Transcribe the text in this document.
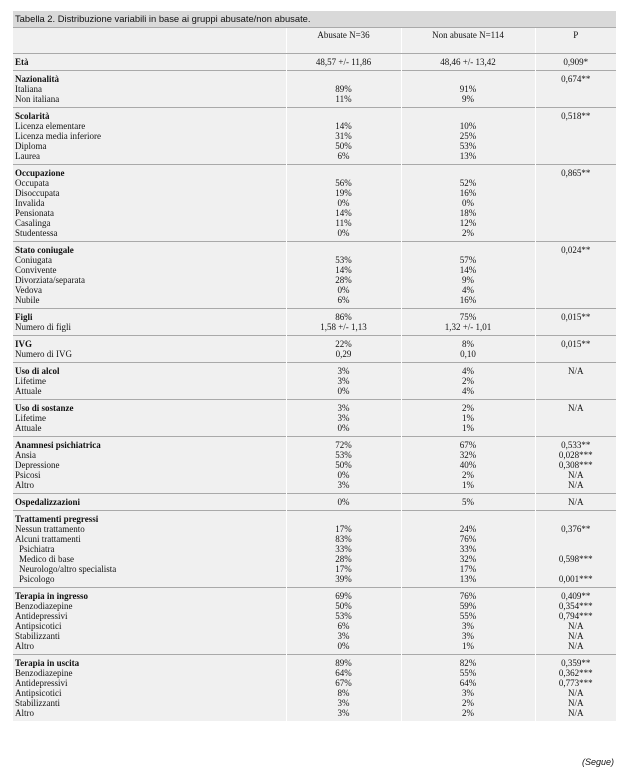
Tabella 2. Distribuzione variabili in base ai gruppi abusate/non abusate.
	Abusate N=36	Non abusate N=114	P
Età	48,57 +/- 11,86	48,46 +/- 13,42	0,909*
Nazionalità			0,674**
Italiana	89%	91%	
Non italiana	11%	9%	
Scolarità			0,518**
Licenza elementare	14%	10%	
Licenza media inferiore	31%	25%	
Diploma	50%	53%	
Laurea	6%	13%	
Occupazione			0,865**
Occupata	56%	52%	
Disoccupata	19%	16%	
Invalida	0%	0%	
Pensionata	14%	18%	
Casalinga	11%	12%	
Studentessa	0%	2%	
Stato coniugale			0,024**
Coniugata	53%	57%	
Convivente	14%	14%	
Divorziata/separata	28%	9%	
Vedova	0%	4%	
Nubile	6%	16%	
Figli	86%	75%	0,015**
Numero di figli	1,58 +/- 1,13	1,32 +/- 1,01	
IVG	22%	8%	0,015**
Numero di IVG	0,29	0,10	
Uso di alcol	3%	4%	N/A
Lifetime	3%	2%	
Attuale	0%	4%	
Uso di sostanze	3%	2%	N/A
Lifetime	3%	1%	
Attuale	0%	1%	
Anamnesi psichiatrica	72%	67%	0,533**
Ansia	53%	32%	0,028***
Depressione	50%	40%	0,308***
Psicosi	0%	2%	N/A
Altro	3%	1%	N/A
Ospedalizzazioni	0%	5%	N/A
Trattamenti pregressi			
Nessun trattamento	17%	24%	0,376**
Alcuni trattamenti	83%	76%	
Psichiatra	33%	33%	
Medico di base	28%	32%	0,598***
Neurologo/altro specialista	17%	17%	
Psicologo	39%	13%	0,001***
Terapia in ingresso	69%	76%	0,409**
Benzodiazepine	50%	59%	0,354***
Antidepressivi	53%	55%	0,794***
Antipsicotici	6%	3%	N/A
Stabilizzanti	3%	3%	N/A
Altro	0%	1%	N/A
Terapia in uscita	89%	82%	0,359**
Benzodiazepine	64%	55%	0,362***
Antidepressivi	67%	64%	0,773***
Antipsicotici	8%	3%	N/A
Stabilizzanti	3%	2%	N/A
Altro	3%	2%	N/A
(Segue)
